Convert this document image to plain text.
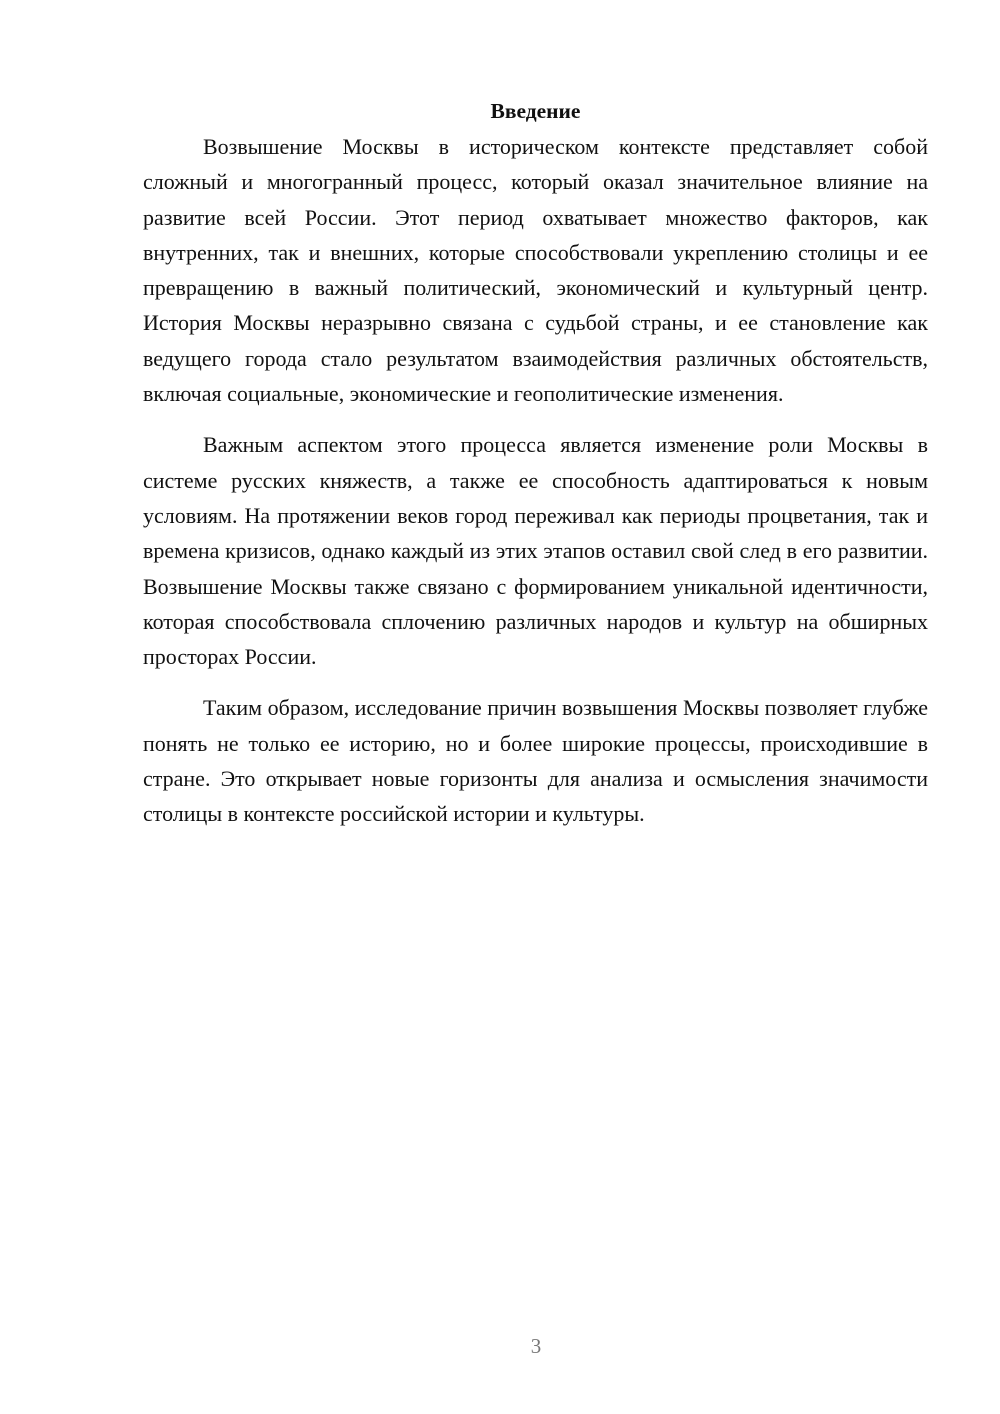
Введение

Возвышение Москвы в историческом контексте представляет собой сложный и многогранный процесс, который оказал значительное влияние на развитие всей России. Этот период охватывает множество факторов, как внутренних, так и внешних, которые способствовали укреплению столицы и ее превращению в важный политический, экономический и культурный центр. История Москвы неразрывно связана с судьбой страны, и ее становление как ведущего города стало результатом взаимодействия различных обстоятельств, включая социальные, экономические и геополитические изменения.

Важным аспектом этого процесса является изменение роли Москвы в системе русских княжеств, а также ее способность адаптироваться к новым условиям. На протяжении веков город переживал как периоды процветания, так и времена кризисов, однако каждый из этих этапов оставил свой след в его развитии. Возвышение Москвы также связано с формированием уникальной идентичности, которая способствовала сплочению различных народов и культур на обширных просторах России.

Таким образом, исследование причин возвышения Москвы позволяет глубже понять не только ее историю, но и более широкие процессы, происходившие в стране. Это открывает новые горизонты для анализа и осмысления значимости столицы в контексте российской истории и культуры.

3
